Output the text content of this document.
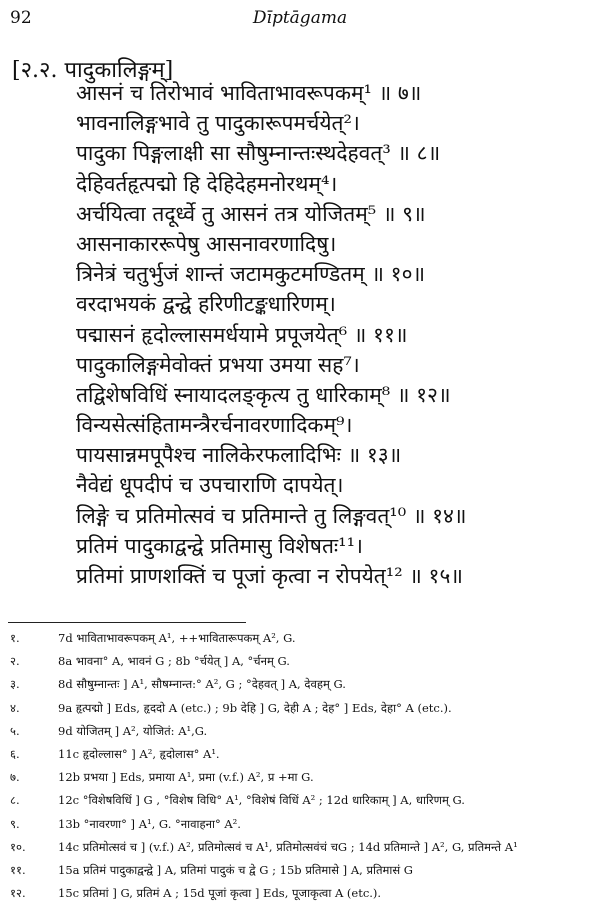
92	Dīptāgama
[२.२. पादुकालिङ्गम्]
आसनं च तिरोभावं भाविताभावरूपकम्¹ ॥ ७॥
भावनालिङ्गभावे तु पादुकारूपमर्चयेत्²।
पादुका पिङ्गलाक्षी सा सौषुम्नान्तःस्थदेहवत्³ ॥ ८॥
देहिवर्तहृत्पद्मो हि देहिदेहमनोरथम्⁴।
अर्चयित्वा तदूर्ध्वे तु आसनं तत्र योजितम्⁵ ॥ ९॥
आसनाकाररूपेषु आसनावरणादिषु।
त्रिनेत्रं चतुर्भुजं शान्तं जटामकुटमण्डितम् ॥ १०॥
वरदाभयकं द्वन्द्वे हरिणीटङ्कधारिणम्।
पद्मासनं हृदोल्लासमर्धयामे प्रपूजयेत्⁶ ॥ ११॥
पादुकालिङ्गमेवोक्तं प्रभया उमया सह⁷।
तद्विशेषविधिं स्नायादलङ्कृत्य तु धारिकाम्⁸ ॥ १२॥
विन्यसेत्संहितामन्त्रैरर्चनावरणादिकम्⁹।
पायसान्नमपूपैश्च नालिकेरफलादिभिः ॥ १३॥
नैवेद्यं धूपदीपं च उपचाराणि दापयेत्।
लिङ्गे च प्रतिमोत्सवं च प्रतिमान्ते तु लिङ्गवत्¹⁰ ॥ १४॥
प्रतिमं पादुकाद्वन्द्वे प्रतिमासु विशेषतः¹¹।
प्रतिमां प्राणशक्तिं च पूजां कृत्वा न रोपयेत्¹² ॥ १५॥
१.	7d भाविताभावरूपकम् A¹, ++भावितारूपकम् A², G.
२.	8a भावना° A, भावनं G ; 8b °र्चयेत् ] A, °र्चनम् G.
३.	8d सौषुम्नान्तः ] A¹, सौषम्नान्त:° A², G ; °देहवत् ] A, देवहम् G.
४.	9a हृत्पद्मो ] Eds, हृददो A (etc.) ; 9b देहि ] G, देही A ; देह° ] Eds, देहा° A (etc.).
५.	9d योजितम् ] A², योजितं: A¹,G.
६.	11c हृदोल्लास° ] A², हृदोलास° A¹.
७.	12b प्रभया ] Eds, प्रमाया A¹, प्रमा (v.f.) A², प्र +मा G.
८.	12c °विशेषविधिं ] G , °विशेष विधि° A¹, °विशेषं विधिं A² ; 12d धारिकाम् ] A, धारिणम् G.
९.	13b °नावरणा° ] A¹, G. °नावाहना° A².
१०.	14c प्रतिमोत्सवं च ] (v.f.) A², प्रतिमोत्सवं च A¹, प्रतिमोत्सवंचं चG ; 14d प्रतिमान्ते ] A², G, प्रतिमन्ते A¹
११.	15a प्रतिमं पादुकाद्वन्द्वे ] A, प्रतिमां पादुकं च द्वे G ; 15b प्रतिमासे ] A, प्रतिमासं G
१२.	15c प्रतिमां ] G, प्रतिमं A ; 15d पूजां कृत्वा ] Eds, पूजाकृत्वा A (etc.).
